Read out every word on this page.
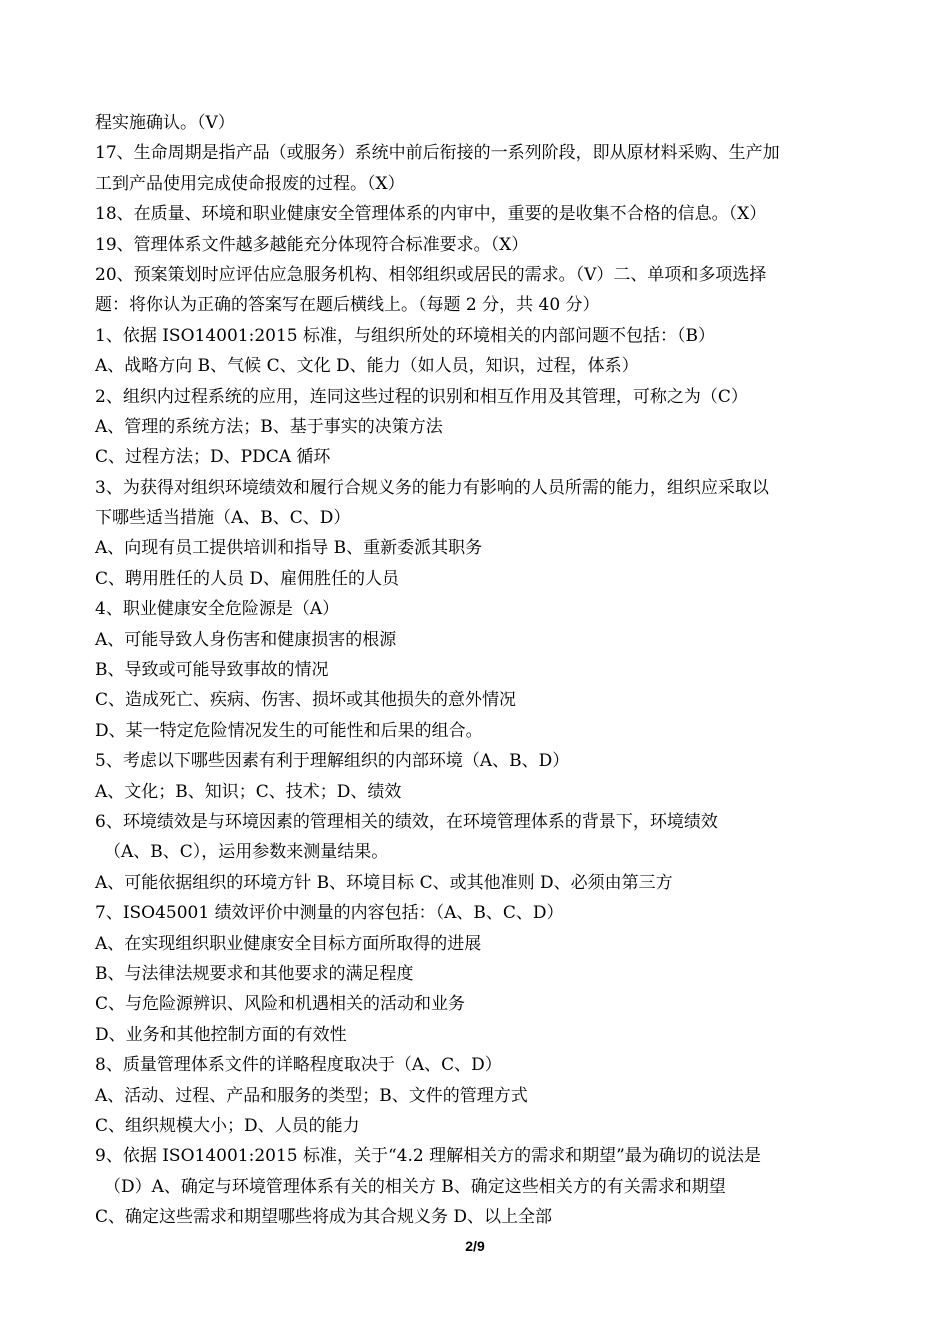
程实施确认。（V）
17、生命周期是指产品（或服务）系统中前后衔接的一系列阶段，即从原材料采购、生产加
工到产品使用完成使命报废的过程。（X）
18、在质量、环境和职业健康安全管理体系的内审中，重要的是收集不合格的信息。（X）
19、管理体系文件越多越能充分体现符合标准要求。（X）
20、预案策划时应评估应急服务机构、相邻组织或居民的需求。（V）二、单项和多项选择
题：将你认为正确的答案写在题后横线上。（每题 2 分，共 40 分）
1、依据 ISO14001:2015 标准，与组织所处的环境相关的内部问题不包括：（B）
A、战略方向 B、气候 C、文化 D、能力（如人员，知识，过程，体系）
2、组织内过程系统的应用，连同这些过程的识别和相互作用及其管理，可称之为（C）
A、管理的系统方法；B、基于事实的决策方法
C、过程方法；D、PDCA 循环
3、为获得对组织环境绩效和履行合规义务的能力有影响的人员所需的能力，组织应采取以
下哪些适当措施（A、B、C、D）
A、向现有员工提供培训和指导 B、重新委派其职务
C、聘用胜任的人员 D、雇佣胜任的人员
4、职业健康安全危险源是（A）
A、可能导致人身伤害和健康损害的根源
B、导致或可能导致事故的情况
C、造成死亡、疾病、伤害、损坏或其他损失的意外情况
D、某一特定危险情况发生的可能性和后果的组合。
5、考虑以下哪些因素有利于理解组织的内部环境（A、B、D）
A、文化；B、知识；C、技术；D、绩效
6、环境绩效是与环境因素的管理相关的绩效，在环境管理体系的背景下，环境绩效
（A、B、C），运用参数来测量结果。
A、可能依据组织的环境方针 B、环境目标 C、或其他准则 D、必须由第三方
7、ISO45001 绩效评价中测量的内容包括：（A、B、C、D）
A、在实现组织职业健康安全目标方面所取得的进展
B、与法律法规要求和其他要求的满足程度
C、与危险源辨识、风险和机遇相关的活动和业务
D、业务和其他控制方面的有效性
8、质量管理体系文件的详略程度取决于（A、C、D）
A、活动、过程、产品和服务的类型；B、文件的管理方式
C、组织规模大小；D、人员的能力
9、依据 ISO14001:2015 标准，关于“4.2 理解相关方的需求和期望”最为确切的说法是
（D）A、确定与环境管理体系有关的相关方 B、确定这些相关方的有关需求和期望
C、确定这些需求和期望哪些将成为其合规义务 D、以上全部
2/9
